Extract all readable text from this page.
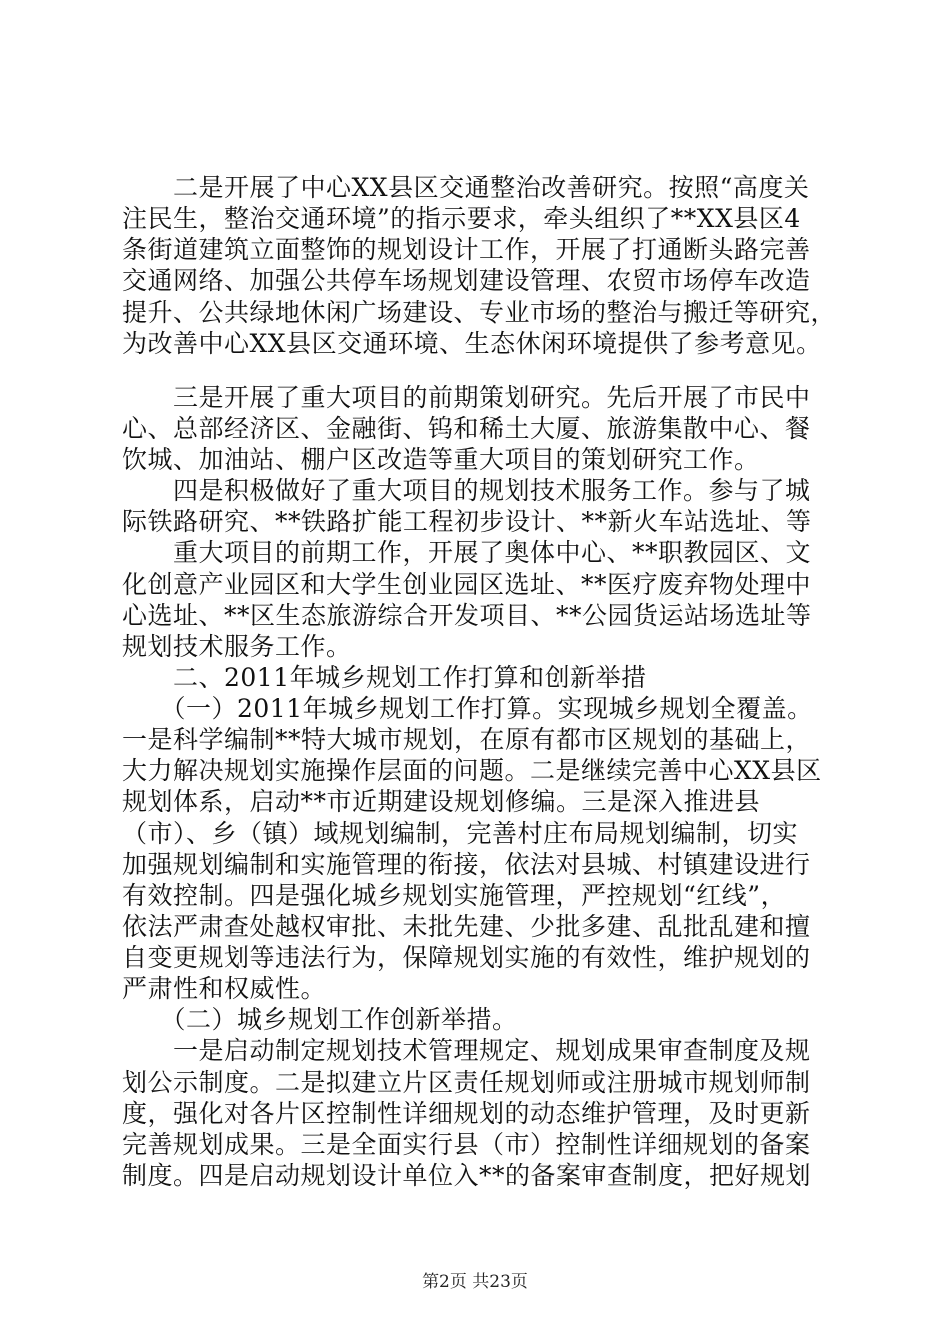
　　二是开展了中心XX县区交通整治改善研究。按照“高度关
注民生，整治交通环境”的指示要求，牵头组织了**XX县区4
条街道建筑立面整饰的规划设计工作，开展了打通断头路完善
交通网络、加强公共停车场规划建设管理、农贸市场停车改造
提升、公共绿地休闲广场建设、专业市场的整治与搬迁等研究，
为改善中心XX县区交通环境、生态休闲环境提供了参考意见。
　　三是开展了重大项目的前期策划研究。先后开展了市民中
心、总部经济区、金融街、钨和稀土大厦、旅游集散中心、餐
饮城、加油站、棚户区改造等重大项目的策划研究工作。
　　四是积极做好了重大项目的规划技术服务工作。参与了城
际铁路研究、**铁路扩能工程初步设计、**新火车站选址、等
　　重大项目的前期工作，开展了奥体中心、**职教园区、文
化创意产业园区和大学生创业园区选址、**医疗废弃物处理中
心选址、**区生态旅游综合开发项目、**公园货运站场选址等
规划技术服务工作。
　　二、2011年城乡规划工作打算和创新举措
　　（一）2011年城乡规划工作打算。实现城乡规划全覆盖。
一是科学编制**特大城市规划，在原有都市区规划的基础上，
大力解决规划实施操作层面的问题。二是继续完善中心XX县区
规划体系，启动**市近期建设规划修编。三是深入推进县
（市）、乡（镇）域规划编制，完善村庄布局规划编制，切实
加强规划编制和实施管理的衔接，依法对县城、村镇建设进行
有效控制。四是强化城乡规划实施管理，严控规划“红线”，
依法严肃查处越权审批、未批先建、少批多建、乱批乱建和擅
自变更规划等违法行为，保障规划实施的有效性，维护规划的
严肃性和权威性。
　　（二）城乡规划工作创新举措。
　　一是启动制定规划技术管理规定、规划成果审查制度及规
划公示制度。二是拟建立片区责任规划师或注册城市规划师制
度，强化对各片区控制性详细规划的动态维护管理，及时更新
完善规划成果。三是全面实行县（市）控制性详细规划的备案
制度。四是启动规划设计单位入**的备案审查制度，把好规划
第2页 共23页
